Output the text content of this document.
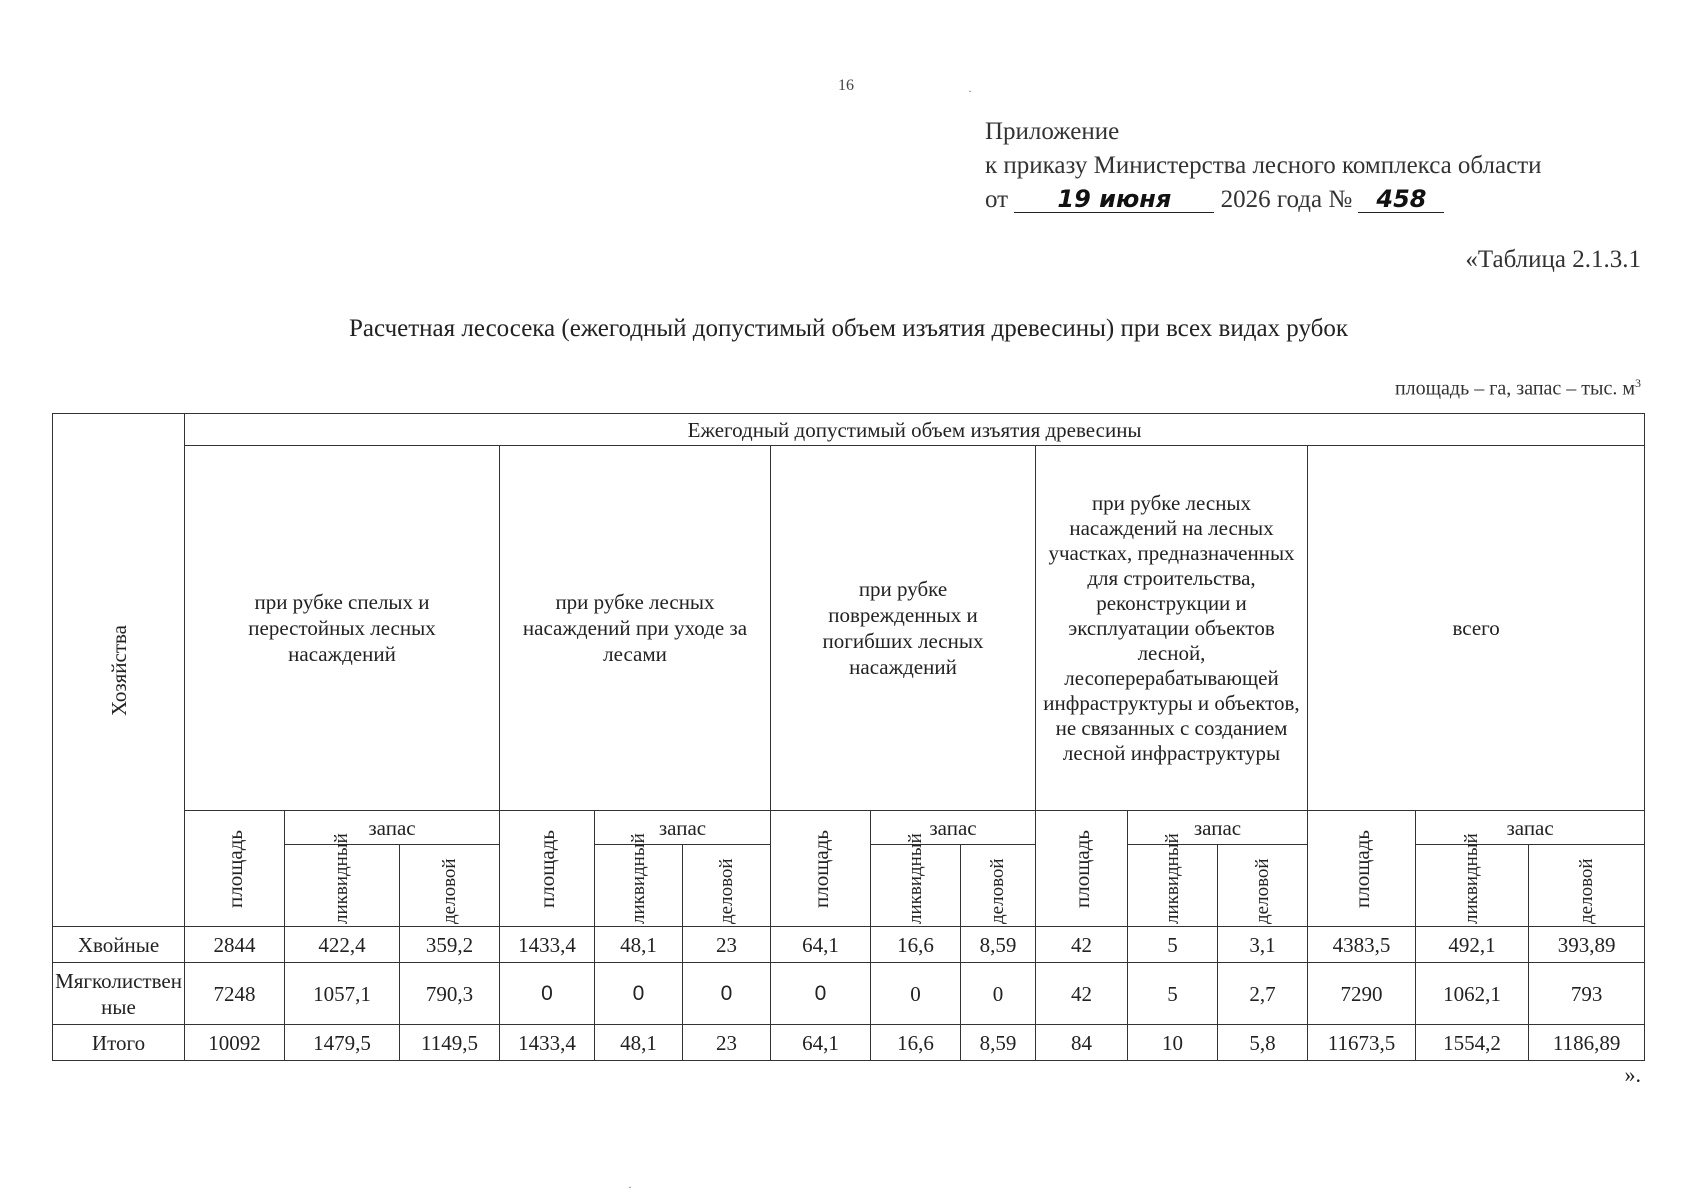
16	·
Приложение
к приказу Министерства лесного комплекса области
от 19 июня 2026 года № 458
«Таблица 2.1.3.1
Расчетная лесосека (ежегодный допустимый объем изъятия древесины) при всех видах рубок
площадь – га, запас – тыс. $м^3$
Хозяйства	Ежегодный допустимый объем изъятия древесины														
	при рубке спелых и перестойных лесных насаждений			при рубке лесных насаждений при уходе за лесами			при рубке поврежденных и погибших лесных насаждений			при рубке лесных насаждений на лесных участках, предназначенных для строительства, реконструкции и эксплуатации объектов лесной, лесоперерабатывающей инфраструктуры и объектов, не связанных с созданием лесной инфраструктуры			всего		

	площадь	запас		площадь	запас		площадь	запас		площадь	запас		площадь	запас	

		ликвидный	деловой		ликвидный	деловой		ликвидный	деловой		ликвидный	деловой		ликвидный	деловой

Хвойные	2844	422,4	359,2	1433,4	48,1	23	64,1	16,6	8,59	42	5	3,1	4383,5	492,1	393,89
Мягколиственные	7248	1057,1	790,3	0	0	0	0	0	0	42	5	2,7	7290	1062,1	793
Итого	10092	1479,5	1149,5	1433,4	48,1	23	64,1	16,6	8,59	84	10	5,8	11673,5	1554,2	1186,89
».
·
